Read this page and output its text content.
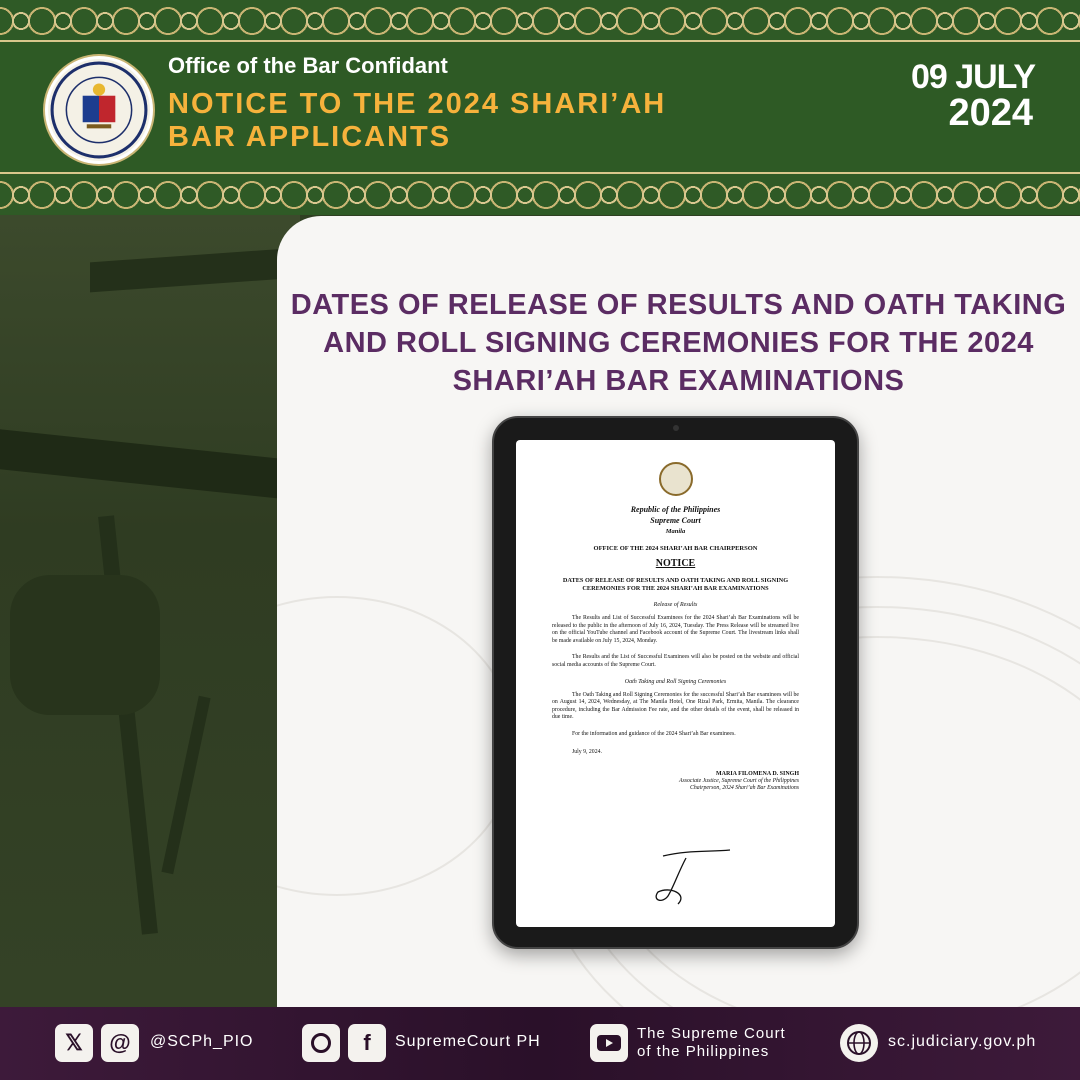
Office of the Bar Confidant
NOTICE TO THE 2024 SHARI’AH
BAR APPLICANTS
09 JULY
2024
DATES OF RELEASE OF RESULTS AND OATH TAKING
AND ROLL SIGNING CEREMONIES FOR THE 2024
SHARI’AH BAR EXAMINATIONS
Republic of the Philippines
Supreme Court
Manila
OFFICE OF THE 2024 SHARI’AH BAR CHAIRPERSON
NOTICE
DATES OF RELEASE OF RESULTS AND OATH TAKING AND ROLL SIGNING CEREMONIES FOR THE 2024 SHARI’AH BAR EXAMINATIONS
Release of Results
The Results and List of Successful Examinees for the 2024 Shari’ah Bar Examinations will be released to the public in the afternoon of July 16, 2024, Tuesday. The Press Release will be streamed live on the official YouTube channel and Facebook account of the Supreme Court. The livestream links shall be made available on July 15, 2024, Monday.
The Results and the List of Successful Examinees will also be posted on the website and official social media accounts of the Supreme Court.
Oath Taking and Roll Signing Ceremonies
The Oath Taking and Roll Signing Ceremonies for the successful Shari’ah Bar examinees will be on August 14, 2024, Wednesday, at The Manila Hotel, One Rizal Park, Ermita, Manila. The clearance procedure, including the Bar Admission Fee rate, and the other details of the event, shall be released in due time.
For the information and guidance of the 2024 Shari’ah Bar examinees.
July 9, 2024.
MARIA FILOMENA D. SINGH
Associate Justice, Supreme Court of the Philippines
Chairperson, 2024 Shari’ah Bar Examinations
𝕏	@	@SCPh_PIO	f	SupremeCourt PH	The Supreme Court
of the Philippines
sc.judiciary.gov.ph
